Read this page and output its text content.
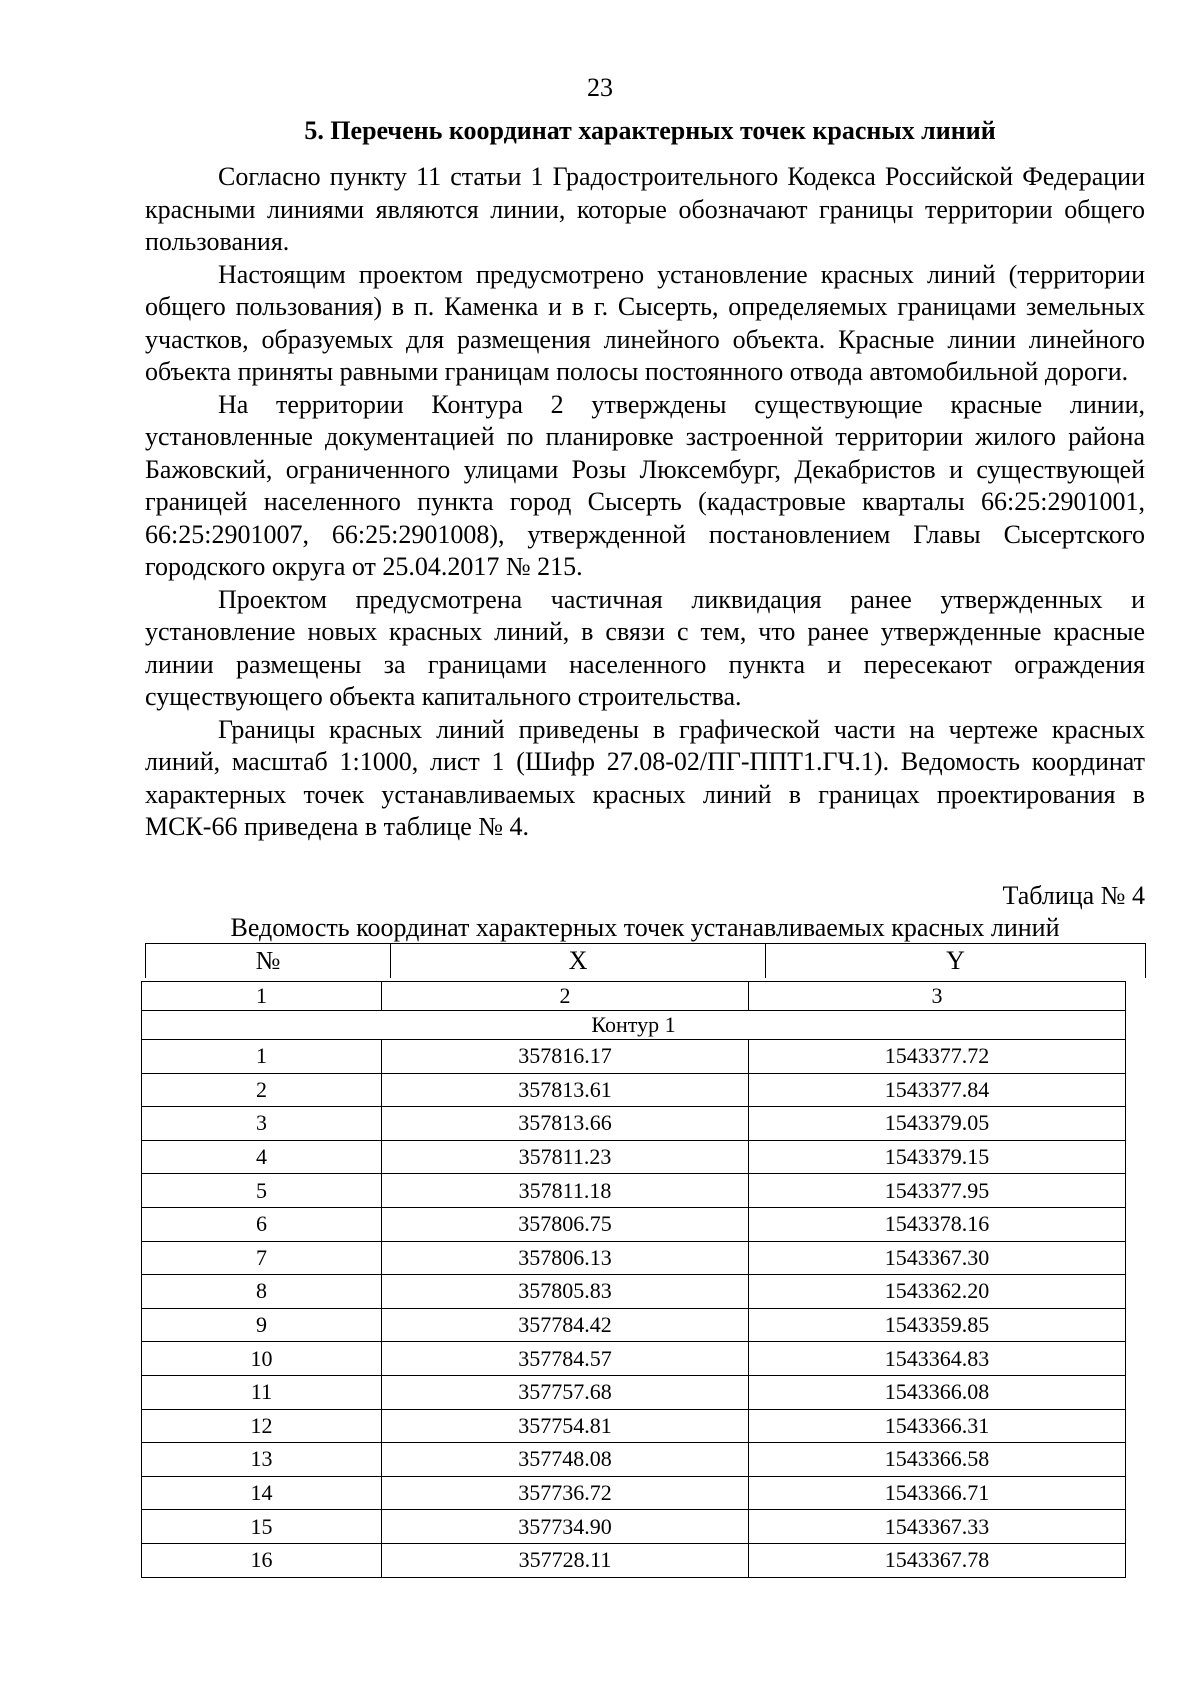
23
5. Перечень координат характерных точек красных линий

Согласно пункту 11 статьи 1 Градостроительного Кодекса Российской Федерации красными линиями являются линии, которые обозначают границы территории общего пользования.

Настоящим проектом предусмотрено установление красных линий (территории общего пользования) в п. Каменка и в г. Сысерть, определяемых границами земельных участков, образуемых для размещения линейного объекта. Красные линии линейного объекта приняты равными границам полосы постоянного отвода автомобильной дороги.

На территории Контура 2 утверждены существующие красные линии, установленные документацией по планировке застроенной территории жилого района Бажовский, ограниченного улицами Розы Люксембург, Декабристов и существующей границей населенного пункта город Сысерть (кадастровые кварталы 66:25:2901001, 66:25:2901007, 66:25:2901008), утвержденной постановлением Главы Сысертского городского округа от 25.04.2017 № 215.

Проектом предусмотрена частичная ликвидация ранее утвержденных и установление новых красных линий, в связи с тем, что ранее утвержденные красные линии размещены за границами населенного пункта и пересекают ограждения существующего объекта капитального строительства.

Границы красных линий приведены в графической части на чертеже красных линий, масштаб 1:1000, лист 1 (Шифр 27.08-02/ПГ-ППТ1.ГЧ.1). Ведомость координат характерных точек устанавливаемых красных линий в границах проектирования в МСК-66 приведена в таблице № 4.

Таблица № 4
Ведомость координат характерных точек устанавливаемых красных линий
№	X	Y
1	2	3
Контур 1		
1	357816.17	1543377.72
2	357813.61	1543377.84
3	357813.66	1543379.05
4	357811.23	1543379.15
5	357811.18	1543377.95
6	357806.75	1543378.16
7	357806.13	1543367.30
8	357805.83	1543362.20
9	357784.42	1543359.85
10	357784.57	1543364.83
11	357757.68	1543366.08
12	357754.81	1543366.31
13	357748.08	1543366.58
14	357736.72	1543366.71
15	357734.90	1543367.33
16	357728.11	1543367.78
